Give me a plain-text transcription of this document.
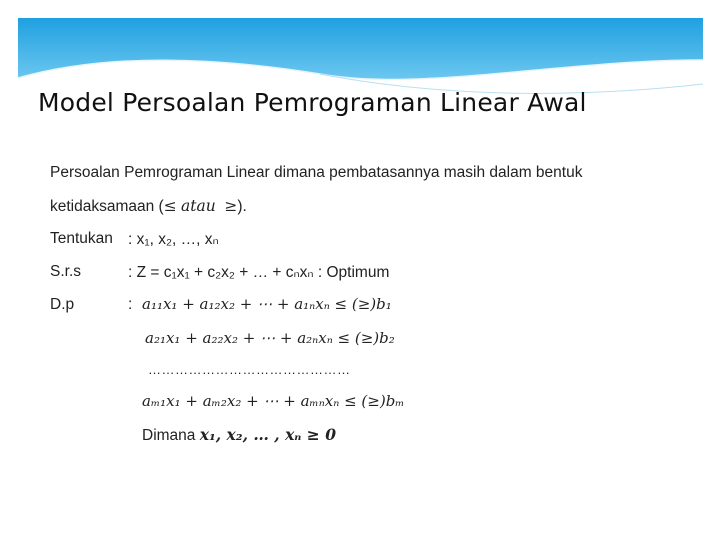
Model Persoalan Pemrograman Linear Awal
Persoalan Pemrograman Linear dimana pembatasannya masih dalam bentuk
ketidaksamaan (≤ atau ≥).
Tentukan : x₁, x₂, …, xₙ
S.r.s	: Z = c₁x₁ + c₂x₂ + … + cₙxₙ : Optimum
D.p	: a₁₁x₁ + a₁₂x₂ + ⋯ + a₁ₙxₙ ≤ (≥)b₁
a₂₁x₁ + a₂₂x₂ + ⋯ + a₂ₙxₙ ≤ (≥)b₂
………………………………………
aₘ₁x₁ + aₘ₂x₂ + ⋯ + aₘₙxₙ ≤ (≥)bₘ
Dimana x₁, x₂, … , xₙ ≥ 0
